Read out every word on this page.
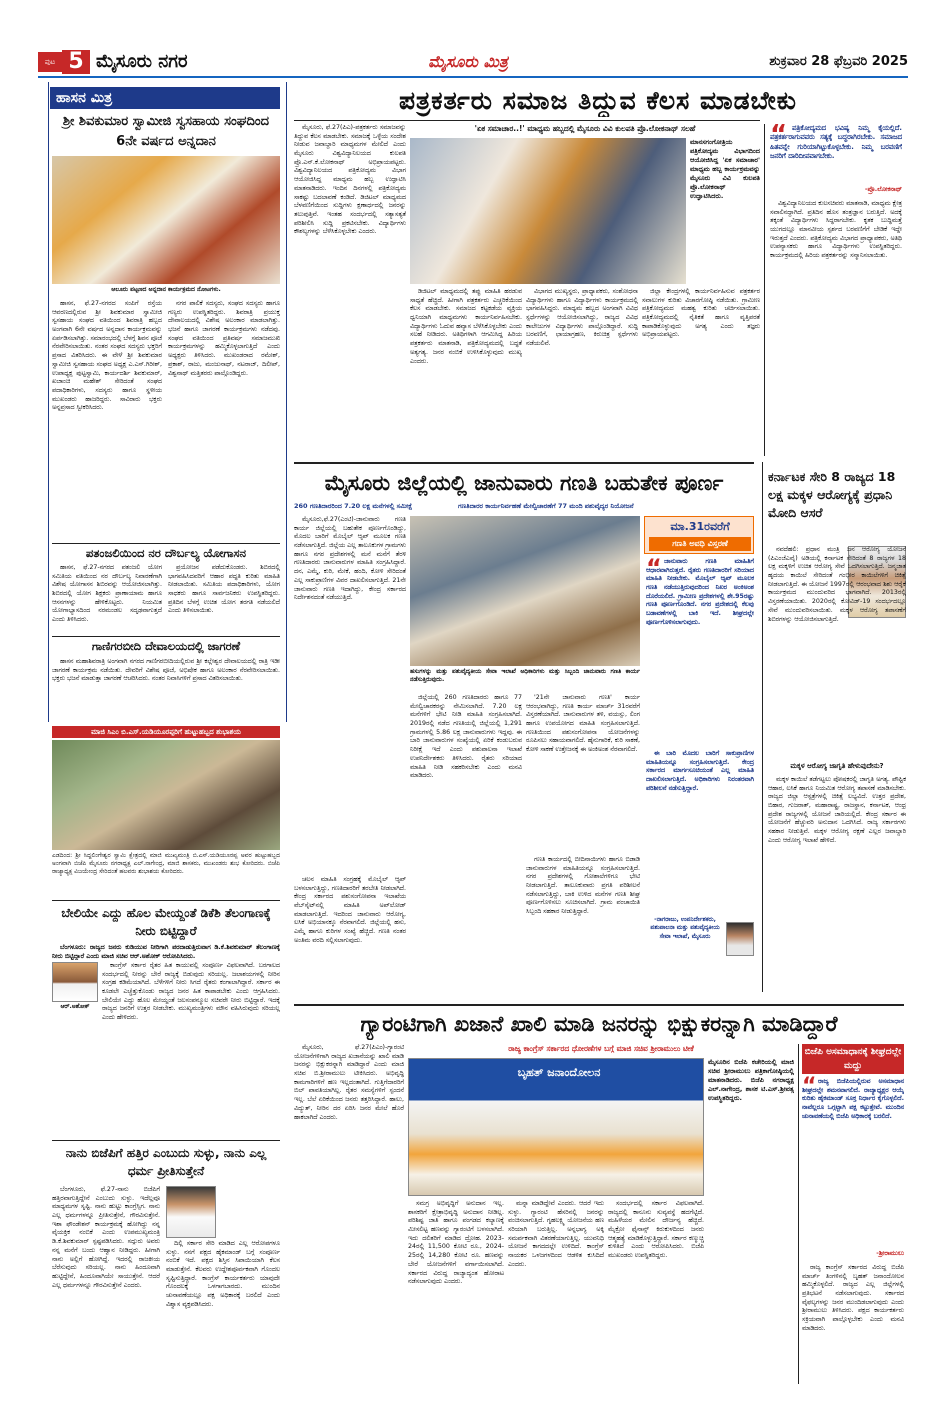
ಪುಟ 5 ಮೈಸೂರು ನಗರ	ಮೈಸೂರು ಮಿತ್ರ	ಶುಕ್ರವಾರ 28 ಫೆಬ್ರವರಿ 2025
ಹಾಸನ ಮಿತ್ರ
ಶ್ರೀ ಶಿವಕುಮಾರ ಸ್ವಾಮೀಜಿ ಸ್ವಸಹಾಯ ಸಂಘದಿಂದ 6ನೇ ವರ್ಷದ ಅನ್ನದಾನ
ಆಲೂರು ಪಟ್ಟಣದ ಅನ್ನದಾನ ಕಾರ್ಯಕ್ರಮದ ನೋಟಗಳು.
ಹಾಸನ, ಫೆ.27-ನಗರದ ಸಂಪಿಗೆ ರಸ್ತೆಯ ಆವರಣದಲ್ಲಿರುವ ಶ್ರೀ ಶಿವಕುಮಾರ ಸ್ವಾಮೀಜಿ ಸ್ವಸಹಾಯ ಸಂಘದ ವತಿಯಿಂದ ಶಿವರಾತ್ರಿ ಹಬ್ಬದ ಅಂಗವಾಗಿ 6ನೇ ವರ್ಷದ ಅನ್ನದಾನ ಕಾರ್ಯಕ್ರಮವನ್ನು ಏರ್ಪಡಿಸಲಾಗಿತ್ತು. ಸಮಾರಂಭದಲ್ಲಿ ಬೆಳಗ್ಗೆ ಶಿವನ ಪೂಜೆ ನೆರವೇರಿಸಲಾಯಿತು. ನಂತರ ಸಂಘದ ಸದಸ್ಯರು ಭಕ್ತರಿಗೆ ಪ್ರಸಾದ ವಿತರಿಸಿದರು. ಈ ವೇಳೆ ಶ್ರೀ ಶಿವಕುಮಾರ ಸ್ವಾಮೀಜಿ ಸ್ವಸಹಾಯ ಸಂಘದ ಅಧ್ಯಕ್ಷ ಎ.ಎಸ್.ಗಿರೀಶ್, ಉಪಾಧ್ಯಕ್ಷ ಪುಟ್ಟಸ್ವಾಮಿ, ಕಾರ್ಯದರ್ಶಿ ಶಿವಕುಮಾರ್, ಖಜಾಂಚಿ ಮಹೇಶ್ ಸೇರಿದಂತೆ ಸಂಘದ ಪದಾಧಿಕಾರಿಗಳು, ಸದಸ್ಯರು ಹಾಗೂ ಸ್ಥಳೀಯ ಮುಖಂಡರು ಹಾಜರಿದ್ದರು. ಸಾವಿರಾರು ಭಕ್ತರು ಅನ್ನಪ್ರಸಾದ ಸ್ವೀಕರಿಸಿದರು.
ನಗರ ಪಾಲಿಕೆ ಸದಸ್ಯರು, ಸಂಘದ ಸದಸ್ಯರು ಹಾಗೂ ಗಣ್ಯರು ಉಪಸ್ಥಿತರಿದ್ದರು. ಶಿವರಾತ್ರಿ ಪ್ರಯುಕ್ತ ದೇವಾಲಯದಲ್ಲಿ ವಿಶೇಷ ಅಲಂಕಾರ ಮಾಡಲಾಗಿತ್ತು. ಭಜನೆ ಹಾಗೂ ಜಾಗರಣೆ ಕಾರ್ಯಕ್ರಮಗಳು ನಡೆದವು. ಸಂಘದ ವತಿಯಿಂದ ಪ್ರತಿವರ್ಷ ಸಮಾಜಮುಖಿ ಕಾರ್ಯಕ್ರಮಗಳನ್ನು ಹಮ್ಮಿಕೊಳ್ಳಲಾಗುತ್ತಿದೆ ಎಂದು ಅಧ್ಯಕ್ಷರು ತಿಳಿಸಿದರು. ಮುಖಂಡರಾದ ರಮೇಶ್, ಪ್ರಕಾಶ್, ರಾಜು, ಮಂಜುನಾಥ್, ನಟರಾಜ್, ದಿಲೀಪ್, ವಿಶ್ವನಾಥ್ ಮತ್ತಿತರರು ಪಾಲ್ಗೊಂಡಿದ್ದರು.
ಪತಂಜಲಿಯಿಂದ ನರ ದೌರ್ಬಲ್ಯ ಯೋಗಾಸನ
ಹಾಸನ, ಫೆ.27-ನಗರದ ಪತಂಜಲಿ ಯೋಗ ಸಮಿತಿಯ ವತಿಯಿಂದ ನರ ದೌರ್ಬಲ್ಯ ನಿವಾರಣೆಗಾಗಿ ವಿಶೇಷ ಯೋಗಾಸನ ಶಿಬಿರವನ್ನು ಆಯೋಜಿಸಲಾಗಿತ್ತು. ಶಿಬಿರದಲ್ಲಿ ಯೋಗ ಶಿಕ್ಷಕರು ಪ್ರಾಣಾಯಾಮ ಹಾಗೂ ಆಸನಗಳನ್ನು ಹೇಳಿಕೊಟ್ಟರು. ನಿಯಮಿತ ಯೋಗಾಭ್ಯಾಸದಿಂದ ನರಮಂಡಲ ಸದೃಢವಾಗುತ್ತದೆ ಎಂದು ತಿಳಿಸಿದರು.
ಪ್ರಯೋಜನ ಪಡೆದುಕೊಂಡರು. ಶಿಬಿರದಲ್ಲಿ ಭಾಗವಹಿಸಿದವರಿಗೆ ಆಹಾರ ಪದ್ಧತಿ ಕುರಿತು ಮಾಹಿತಿ ನೀಡಲಾಯಿತು. ಸಮಿತಿಯ ಪದಾಧಿಕಾರಿಗಳು, ಯೋಗ ಸಾಧಕರು ಹಾಗೂ ಸಾರ್ವಜನಿಕರು ಉಪಸ್ಥಿತರಿದ್ದರು. ಪ್ರತಿದಿನ ಬೆಳಗ್ಗೆ ಉಚಿತ ಯೋಗ ತರಗತಿ ನಡೆಯಲಿದೆ ಎಂದು ತಿಳಿಸಲಾಯಿತು.
ಗಾಣಿಗರಬೀದಿ ದೇವಾಲಯದಲ್ಲಿ ಜಾಗರಣೆ
ಹಾಸನ ಮಹಾಶಿವರಾತ್ರಿ ಅಂಗವಾಗಿ ನಗರದ ಗಾಣಿಗರಬೀದಿಯಲ್ಲಿರುವ ಶ್ರೀ ಕಲ್ಲೇಶ್ವರ ದೇವಾಲಯದಲ್ಲಿ ರಾತ್ರಿ ಇಡೀ ಜಾಗರಣೆ ಕಾರ್ಯಕ್ರಮ ನಡೆಯಿತು. ದೇವರಿಗೆ ವಿಶೇಷ ಪೂಜೆ, ಅಭಿಷೇಕ ಹಾಗೂ ಅಲಂಕಾರ ನೆರವೇರಿಸಲಾಯಿತು. ಭಕ್ತರು ಭಜನೆ ಮಾಡುತ್ತಾ ಜಾಗರಣೆ ಆಚರಿಸಿದರು. ನಂತರ ನಿವಾಸಿಗಳಿಗೆ ಪ್ರಸಾದ ವಿತರಿಸಲಾಯಿತು.
ಮಾಜಿ ಸಿಎಂ ಬಿ.ಎಸ್.ಯಡಿಯೂರಪ್ಪರಿಗೆ ಹುಟ್ಟುಹಬ್ಬದ ಶುಭಾಶಯ
ಎಡದಿಂದ: ಶ್ರೀ ಸಿದ್ದಲಿಂಗೇಶ್ವರ ಸ್ವಾಮಿ ಕ್ಷೇತ್ರದಲ್ಲಿ ಮಾಜಿ ಮುಖ್ಯಮಂತ್ರಿ ಬಿ.ಎಸ್.ಯಡಿಯೂರಪ್ಪ ಅವರ ಹುಟ್ಟುಹಬ್ಬದ ಅಂಗವಾಗಿ ಬಿಜೆಪಿ ಮೈಸೂರು ನಗರಾಧ್ಯಕ್ಷ ಎಲ್.ನಾಗೇಂದ್ರ, ಮಾಜಿ ಶಾಸಕರು, ಮುಖಂಡರು ಶುಭ ಕೋರಿದರು. ಬಿಜೆಪಿ ರಾಜ್ಯಾಧ್ಯಕ್ಷ ವಿಜಯೇಂದ್ರ ಸೇರಿದಂತೆ ಹಲವರು ಶುಭಾಶಯ ಕೋರಿದರು.
ಬೇಲಿಯೇ ಎದ್ದು ಹೊಲ ಮೇಯ್ದಂತೆ ಡಿಕೆಶಿ ತೆಲಂಗಾಣಕ್ಕೆ ನೀರು ಬಿಟ್ಟಿದ್ದಾರೆ
ಬೆಂಗಳೂರು: ರಾಜ್ಯದ ಜನರು ಕುಡಿಯುವ ನೀರಿಗಾಗಿ ಪರದಾಡುತ್ತಿರುವಾಗ ಡಿ.ಕೆ.ಶಿವಕುಮಾರ್ ತೆಲಂಗಾಣಕ್ಕೆ ನೀರು ಬಿಟ್ಟಿದ್ದಾರೆ ಎಂದು ಮಾಜಿ ಸಚಿವ ಆರ್.ಅಶೋಕ್ ಆರೋಪಿಸಿದರು.
ಆರ್.ಅಶೋಕ್
ಕಾಂಗ್ರೆಸ್ ಸರ್ಕಾರ ರೈತರ ಹಿತ ಕಾಯುವಲ್ಲಿ ಸಂಪೂರ್ಣ ವಿಫಲವಾಗಿದೆ. ಬರಗಾಲದ ಸಂದರ್ಭದಲ್ಲಿ ನೀರನ್ನು ಬೇರೆ ರಾಜ್ಯಕ್ಕೆ ಬಿಡುವುದು ಸರಿಯಲ್ಲ. ಜಲಾಶಯಗಳಲ್ಲಿ ನೀರಿನ ಸಂಗ್ರಹ ಕಡಿಮೆಯಾಗಿದೆ. ಬೆಳೆಗಳಿಗೆ ನೀರು ಸಿಗದೆ ರೈತರು ಕಂಗಾಲಾಗಿದ್ದಾರೆ. ಸರ್ಕಾರ ಈ ಕೂಡಲೇ ಎಚ್ಚೆತ್ತುಕೊಂಡು ರಾಜ್ಯದ ಜನರ ಹಿತ ಕಾಪಾಡಬೇಕು ಎಂದು ಆಗ್ರಹಿಸಿದರು. ಬೇಲಿಯೇ ಎದ್ದು ಹೊಲ ಮೇಯ್ದಂತೆ ಜಲಸಂಪನ್ಮೂಲ ಸಚಿವರೇ ನೀರು ಬಿಟ್ಟಿದ್ದಾರೆ. ಇದಕ್ಕೆ ರಾಜ್ಯದ ಜನರಿಗೆ ಉತ್ತರ ನೀಡಬೇಕು. ಮುಖ್ಯಮಂತ್ರಿಗಳು ಮೌನ ವಹಿಸಿರುವುದು ಸರಿಯಲ್ಲ ಎಂದು ಹೇಳಿದರು.
ನಾನು ಬಿಜೆಪಿಗೆ ಹತ್ತಿರ ಎಂಬುದು ಸುಳ್ಳು, ನಾನು ಎಲ್ಲ ಧರ್ಮ ಪ್ರೀತಿಸುತ್ತೇನೆ
ಬೆಂಗಳೂರು, ಫೆ.27-ನಾನು ಬಿಜೆಪಿಗೆ ಹತ್ತಿರವಾಗುತ್ತಿದ್ದೇನೆ ಎಂಬುದು ಸುಳ್ಳು. ಇದೆಲ್ಲವೂ ಮಾಧ್ಯಮಗಳ ಸೃಷ್ಟಿ. ನಾನು ಹುಟ್ಟು ಕಾಂಗ್ರೆಸ್ಸಿಗ. ನಾನು ಎಲ್ಲ ಧರ್ಮಗಳನ್ನೂ ಪ್ರೀತಿಸುತ್ತೇನೆ, ಗೌರವಿಸುತ್ತೇನೆ. ಇಶಾ ಫೌಂಡೇಶನ್ ಕಾರ್ಯಕ್ರಮಕ್ಕೆ ಹೋಗಿದ್ದು ನನ್ನ ವೈಯಕ್ತಿಕ ನಂಬಿಕೆ ಎಂದು ಉಪಮುಖ್ಯಮಂತ್ರಿ ಡಿ.ಕೆ.ಶಿವಕುಮಾರ್ ಸ್ಪಷ್ಟಪಡಿಸಿದರು. ಸದ್ಗುರು ಅವರು ನನ್ನ ಮನೆಗೆ ಬಂದು ಆಹ್ವಾನ ನೀಡಿದ್ದರು. ಹೀಗಾಗಿ ನಾನು ಅಲ್ಲಿಗೆ ಹೋಗಿದ್ದೆ. ಇದರಲ್ಲಿ ರಾಜಕೀಯ ಬೆರೆಸುವುದು ಸರಿಯಲ್ಲ. ನಾನು ಹಿಂದೂವಾಗಿ ಹುಟ್ಟಿದ್ದೇನೆ, ಹಿಂದೂವಾಗಿಯೇ ಸಾಯುತ್ತೇನೆ. ಆದರೆ ಎಲ್ಲ ಧರ್ಮಗಳನ್ನೂ ಗೌರವಿಸುತ್ತೇನೆ ಎಂದರು.
ದಿಲ್ಲಿ ಸರ್ಕಾರ ಸೇರಿ ಮಾಡಿದ ಎಲ್ಲ ಆರೋಪಗಳೂ ಸುಳ್ಳು. ನನಗೆ ಪಕ್ಷದ ಹೈಕಮಾಂಡ್ ಬಗ್ಗೆ ಸಂಪೂರ್ಣ ನಂಬಿಕೆ ಇದೆ. ಪಕ್ಷದ ಶಿಸ್ತಿನ ಸಿಪಾಯಿಯಾಗಿ ಕೆಲಸ ಮಾಡುತ್ತೇನೆ. ಕೆಲವರು ಉದ್ದೇಶಪೂರ್ವಕವಾಗಿ ಗೊಂದಲ ಸೃಷ್ಟಿಸುತ್ತಿದ್ದಾರೆ. ಕಾಂಗ್ರೆಸ್ ಕಾರ್ಯಕರ್ತರು ಯಾವುದೇ ಗೊಂದಲಕ್ಕೆ ಒಳಗಾಗಬಾರದು. ಮುಂದಿನ ಚುನಾವಣೆಯಲ್ಲೂ ಪಕ್ಷ ಅಧಿಕಾರಕ್ಕೆ ಬರಲಿದೆ ಎಂದು ವಿಶ್ವಾಸ ವ್ಯಕ್ತಪಡಿಸಿದರು.
ಪತ್ರಕರ್ತರು ಸಮಾಜ ತಿದ್ದುವ ಕೆಲಸ ಮಾಡಬೇಕು
ಮೈಸೂರು, ಫೆ.27(ಪಿಎ)-ಪತ್ರಕರ್ತರು ಸಮಾಜವನ್ನು ತಿದ್ದುವ ಕೆಲಸ ಮಾಡಬೇಕು. ಸಮಾಜಕ್ಕೆ ಒಳ್ಳೆಯ ಸಂದೇಶ ನೀಡುವ ಜವಾಬ್ದಾರಿ ಮಾಧ್ಯಮಗಳ ಮೇಲಿದೆ ಎಂದು ಮೈಸೂರು ವಿಶ್ವವಿದ್ಯಾನಿಲಯದ ಕುಲಪತಿ ಪ್ರೊ.ಎನ್.ಕೆ.ಲೋಕನಾಥ್ ಅಭಿಪ್ರಾಯಪಟ್ಟರು. ವಿಶ್ವವಿದ್ಯಾನಿಲಯದ ಪತ್ರಿಕೋದ್ಯಮ ವಿಭಾಗ ಆಯೋಜಿಸಿದ್ದ ಮಾಧ್ಯಮ ಹಬ್ಬ ಉದ್ಘಾಟಿಸಿ ಮಾತನಾಡಿದರು. ಇಂದಿನ ದಿನಗಳಲ್ಲಿ ಪತ್ರಿಕೋದ್ಯಮ ಸಾಕಷ್ಟು ಬದಲಾವಣೆ ಕಂಡಿದೆ. ಡಿಜಿಟಲ್ ಮಾಧ್ಯಮದ ಬೆಳವಣಿಗೆಯಿಂದ ಸುದ್ದಿಗಳು ಕ್ಷಣಾರ್ಧದಲ್ಲಿ ಜನರನ್ನು ತಲುಪುತ್ತಿವೆ. ಇಂತಹ ಸಂದರ್ಭದಲ್ಲಿ ಸತ್ಯಾಸತ್ಯತೆ ಪರಿಶೀಲಿಸಿ ಸುದ್ದಿ ಪ್ರಕಟಿಸಬೇಕು. ವಿದ್ಯಾರ್ಥಿಗಳು ಕೌಶಲ್ಯಗಳನ್ನು ಬೆಳೆಸಿಕೊಳ್ಳಬೇಕು ಎಂದರು.
'ಏಕ ಸಮಾಚಾರ..!' ಮಾಧ್ಯಮ ಹಬ್ಬದಲ್ಲಿ ಮೈಸೂರು ವಿವಿ ಕುಲಪತಿ ಪ್ರೊ.ಲೋಕನಾಥ್ ಸಲಹೆ
ಮಾನಸಗಂಗೋತ್ರಿಯ ಪತ್ರಿಕೋದ್ಯಮ ವಿಭಾಗದಿಂದ ಆಯೋಜಿಸಿದ್ದ 'ಏಕ ಸಮಾಚಾರ' ಮಾಧ್ಯಮ ಹಬ್ಬ ಕಾರ್ಯಕ್ರಮವನ್ನು ಮೈಸೂರು ವಿವಿ ಕುಲಪತಿ ಪ್ರೊ.ಲೋಕನಾಥ್ ಉದ್ಘಾಟಿಸಿದರು.
ಡಿಜಿಟಲ್ ಮಾಧ್ಯಮದಲ್ಲಿ ತಪ್ಪು ಮಾಹಿತಿ ಹರಡುವ ಸಾಧ್ಯತೆ ಹೆಚ್ಚಿದೆ. ಹೀಗಾಗಿ ಪತ್ರಕರ್ತರು ಎಚ್ಚರಿಕೆಯಿಂದ ಕೆಲಸ ಮಾಡಬೇಕು. ಸಮಾಜದ ಕಟ್ಟಕಡೆಯ ವ್ಯಕ್ತಿಯ ಧ್ವನಿಯಾಗಿ ಮಾಧ್ಯಮಗಳು ಕಾರ್ಯನಿರ್ವಹಿಸಬೇಕು. ವಿದ್ಯಾರ್ಥಿಗಳು ಓದುವ ಹವ್ಯಾಸ ಬೆಳೆಸಿಕೊಳ್ಳಬೇಕು ಎಂದು ಸಲಹೆ ನೀಡಿದರು. ಅತಿಥಿಗಳಾಗಿ ಆಗಮಿಸಿದ್ದ ಹಿರಿಯ ಪತ್ರಕರ್ತರು ಮಾತನಾಡಿ, ಪತ್ರಿಕೋದ್ಯಮದಲ್ಲಿ ಬದ್ಧತೆ ಅತ್ಯಗತ್ಯ. ಜನರ ನಂಬಿಕೆ ಉಳಿಸಿಕೊಳ್ಳುವುದು ಮುಖ್ಯ ಎಂದರು.
ವಿಭಾಗದ ಮುಖ್ಯಸ್ಥರು, ಪ್ರಾಧ್ಯಾಪಕರು, ಸಂಶೋಧನಾ ವಿದ್ಯಾರ್ಥಿಗಳು ಹಾಗೂ ವಿದ್ಯಾರ್ಥಿಗಳು ಕಾರ್ಯಕ್ರಮದಲ್ಲಿ ಭಾಗವಹಿಸಿದ್ದರು. ಮಾಧ್ಯಮ ಹಬ್ಬದ ಅಂಗವಾಗಿ ವಿವಿಧ ಸ್ಪರ್ಧೆಗಳನ್ನು ಆಯೋಜಿಸಲಾಗಿದ್ದು, ರಾಜ್ಯದ ವಿವಿಧ ಕಾಲೇಜುಗಳ ವಿದ್ಯಾರ್ಥಿಗಳು ಪಾಲ್ಗೊಂಡಿದ್ದಾರೆ. ಸುದ್ದಿ ಬರವಣಿಗೆ, ಛಾಯಾಗ್ರಹಣ, ಕಿರುಚಿತ್ರ ಸ್ಪರ್ಧೆಗಳು ನಡೆಯಲಿವೆ.
ಜಿಲ್ಲಾ ಕೇಂದ್ರಗಳಲ್ಲಿ ಕಾರ್ಯನಿರ್ವಹಿಸುವ ಪತ್ರಕರ್ತರ ಸವಾಲುಗಳ ಕುರಿತು ವಿಚಾರಗೋಷ್ಠಿ ನಡೆಯಿತು. ಗ್ರಾಮೀಣ ಪತ್ರಿಕೋದ್ಯಮದ ಮಹತ್ವ ಕುರಿತು ಚರ್ಚಿಸಲಾಯಿತು. ಪತ್ರಿಕೋದ್ಯಮದಲ್ಲಿ ನೈತಿಕತೆ ಹಾಗೂ ವೃತ್ತಿಪರತೆ ಕಾಪಾಡಿಕೊಳ್ಳುವುದು ಅಗತ್ಯ ಎಂದು ತಜ್ಞರು ಅಭಿಪ್ರಾಯಪಟ್ಟರು.
“ ಪತ್ರಿಕೋದ್ಯಮದ ಭವಿಷ್ಯ ನಿಮ್ಮ ಕೈಯಲ್ಲಿದೆ. ಪತ್ರಕರ್ತರಾಗುವವರು ಸತ್ಯಕ್ಕೆ ಬದ್ಧರಾಗಿರಬೇಕು. ಸಮಾಜದ ಹಿತವನ್ನೇ ಗುರಿಯಾಗಿಟ್ಟುಕೊಳ್ಳಬೇಕು. ನಿಮ್ಮ ಬರವಣಿಗೆ ಜನರಿಗೆ ದಾರಿದೀಪವಾಗಬೇಕು.
-ಪ್ರೊ.ಲೋಕನಾಥ್
ವಿಶ್ವವಿದ್ಯಾನಿಲಯದ ಕುಲಸಚಿವರು ಮಾತನಾಡಿ, ಮಾಧ್ಯಮ ಕ್ಷೇತ್ರ ಸವಾಲಿನದ್ದಾಗಿದೆ. ಪ್ರತಿದಿನ ಹೊಸ ತಂತ್ರಜ್ಞಾನ ಬರುತ್ತಿದೆ. ಅದಕ್ಕೆ ತಕ್ಕಂತೆ ವಿದ್ಯಾರ್ಥಿಗಳು ಸಿದ್ಧರಾಗಬೇಕು. ಕೃತಕ ಬುದ್ಧಿಮತ್ತೆ ಯುಗದಲ್ಲೂ ಮಾನವೀಯ ಸ್ಪರ್ಶದ ಬರವಣಿಗೆಗೆ ಬೇಡಿಕೆ ಇದ್ದೇ ಇರುತ್ತದೆ ಎಂದರು. ಪತ್ರಿಕೋದ್ಯಮ ವಿಭಾಗದ ಪ್ರಾಧ್ಯಾಪಕರು, ಅತಿಥಿ ಉಪನ್ಯಾಸಕರು ಹಾಗೂ ವಿದ್ಯಾರ್ಥಿಗಳು ಉಪಸ್ಥಿತರಿದ್ದರು. ಕಾರ್ಯಕ್ರಮದಲ್ಲಿ ಹಿರಿಯ ಪತ್ರಕರ್ತರನ್ನು ಸನ್ಮಾನಿಸಲಾಯಿತು.
ಮೈಸೂರು ಜಿಲ್ಲೆಯಲ್ಲಿ ಜಾನುವಾರು ಗಣತಿ ಬಹುತೇಕ ಪೂರ್ಣ
260 ಗಣತಿದಾರರಿಂದ 7.20 ಲಕ್ಷ ಮನೆಗಳಲ್ಲಿ ಸಮೀಕ್ಷೆ	ಗಣತಿದಾರರ ಕಾರ್ಯನಿರ್ವಹಣೆ ಮೇಲ್ವಿಚಾರಣೆಗೆ 77 ಮಂದಿ ಪಶುವೈದ್ಯರ ನಿಯೋಜನೆ
ಮೈಸೂರು,ಫೆ.27(ಎಂಟಿ)-ಜಾನುವಾರು ಗಣತಿ ಕಾರ್ಯ ಜಿಲ್ಲೆಯಲ್ಲಿ ಬಹುತೇಕ ಪೂರ್ಣಗೊಂಡಿದ್ದು, ಮೊದಲ ಬಾರಿಗೆ ಮೊಬೈಲ್ ಆ್ಯಪ್ ಮೂಲಕ ಗಣತಿ ನಡೆಸಲಾಗುತ್ತಿದೆ. ಜಿಲ್ಲೆಯ ಎಲ್ಲ ತಾಲೂಕುಗಳ ಗ್ರಾಮಗಳು ಹಾಗೂ ನಗರ ಪ್ರದೇಶಗಳಲ್ಲಿ ಮನೆ ಮನೆಗೆ ತೆರಳಿ ಗಣತಿದಾರರು ಜಾನುವಾರುಗಳ ಮಾಹಿತಿ ಸಂಗ್ರಹಿಸಿದ್ದಾರೆ. ದನ, ಎಮ್ಮೆ, ಕುರಿ, ಮೇಕೆ, ಹಂದಿ, ಕೋಳಿ ಸೇರಿದಂತೆ ಎಲ್ಲ ಸಾಕುಪ್ರಾಣಿಗಳ ವಿವರ ದಾಖಲಿಸಲಾಗುತ್ತಿದೆ. 21ನೇ ಜಾನುವಾರು ಗಣತಿ ಇದಾಗಿದ್ದು, ಕೇಂದ್ರ ಸರ್ಕಾರದ ನಿರ್ದೇಶನದಂತೆ ನಡೆಯುತ್ತಿದೆ.
ಹಸುಗಳನ್ನು ಮತ್ತು ಪಶುವೈದ್ಯಕೀಯ ಸೇವಾ ಇಲಾಖೆ ಅಧಿಕಾರಿಗಳು ಮತ್ತು ಸಿಬ್ಬಂದಿ ಜಾನುವಾರು ಗಣತಿ ಕಾರ್ಯ ನಡೆಸುತ್ತಿರುವುದು.
ಮಾ.31ರವರೆಗೆ
ಗಣತಿ ಅವಧಿ ವಿಸ್ತರಣೆ
“ ಜಾನುವಾರು ಗಣತಿ ಮಾಹಿತಿಗೆ ಆಧಾರವಾಗಿರುತ್ತದೆ. ರೈತರು ಗಣತಿದಾರರಿಗೆ ಸರಿಯಾದ ಮಾಹಿತಿ ನೀಡಬೇಕು. ಮೊಬೈಲ್ ಆ್ಯಪ್ ಮೂಲಕ ಗಣತಿ ನಡೆಯುತ್ತಿರುವುದರಿಂದ ನಿಖರ ಅಂಕಿಅಂಶ ದೊರೆಯಲಿದೆ. ಗ್ರಾಮೀಣ ಪ್ರದೇಶಗಳಲ್ಲಿ ಶೇ.95ರಷ್ಟು ಗಣತಿ ಪೂರ್ಣಗೊಂಡಿದೆ. ನಗರ ಪ್ರದೇಶದಲ್ಲಿ ಕೆಲವು ಬಡಾವಣೆಗಳಲ್ಲಿ ಬಾಕಿ ಇದೆ. ಶೀಘ್ರದಲ್ಲೇ ಪೂರ್ಣಗೊಳಿಸಲಾಗುವುದು.
ಜಿಲ್ಲೆಯಲ್ಲಿ 260 ಗಣತಿದಾರರು ಹಾಗೂ 77 ಮೇಲ್ವಿಚಾರಕರನ್ನು ನೇಮಿಸಲಾಗಿದೆ. 7.20 ಲಕ್ಷ ಮನೆಗಳಿಗೆ ಭೇಟಿ ನೀಡಿ ಮಾಹಿತಿ ಸಂಗ್ರಹಿಸಲಾಗಿದೆ. 2019ರಲ್ಲಿ ನಡೆದ ಗಣತಿಯಲ್ಲಿ ಜಿಲ್ಲೆಯಲ್ಲಿ 1,291 ಗ್ರಾಮಗಳಲ್ಲಿ 5.86 ಲಕ್ಷ ಜಾನುವಾರುಗಳು ಇದ್ದವು. ಈ ಬಾರಿ ಜಾನುವಾರುಗಳ ಸಂಖ್ಯೆಯಲ್ಲಿ ಏರಿಕೆ ಕಂಡುಬರುವ ನಿರೀಕ್ಷೆ ಇದೆ ಎಂದು ಪಶುಪಾಲನಾ ಇಲಾಖೆ ಉಪನಿರ್ದೇಶಕರು ತಿಳಿಸಿದರು. ರೈತರು ಸರಿಯಾದ ಮಾಹಿತಿ ನೀಡಿ ಸಹಕರಿಸಬೇಕು ಎಂದು ಮನವಿ ಮಾಡಿದರು.
'21ನೇ ಜಾನುವಾರು ಗಣತಿ' ಕಾರ್ಯ ಆರಂಭವಾಗಿದ್ದು, ಗಣತಿ ಕಾರ್ಯ ಮಾರ್ಚ್ 31ರವರೆಗೆ ವಿಸ್ತರಣೆಯಾಗಿದೆ. ಜಾನುವಾರುಗಳ ತಳಿ, ವಯಸ್ಸು, ಲಿಂಗ ಹಾಗೂ ಉಪಯೋಗದ ಮಾಹಿತಿ ಸಂಗ್ರಹಿಸಲಾಗುತ್ತಿದೆ. ಗಣತಿಯಿಂದ ಪಶುಸಂಗೋಪನಾ ಯೋಜನೆಗಳನ್ನು ರೂಪಿಸಲು ಸಹಾಯವಾಗಲಿದೆ. ಹೈನುಗಾರಿಕೆ, ಕುರಿ ಸಾಕಣೆ, ಕೋಳಿ ಸಾಕಣೆ ಉತ್ತೇಜನಕ್ಕೆ ಈ ಅಂಕಿಅಂಶ ನೆರವಾಗಲಿದೆ.
ಈ ಬಾರಿ ಮೊದಲ ಬಾರಿಗೆ ಸಾಕುಪ್ರಾಣಿಗಳ ಮಾಹಿತಿಯನ್ನೂ ಸಂಗ್ರಹಿಸಲಾಗುತ್ತಿದೆ. ಕೇಂದ್ರ ಸರ್ಕಾರದ ಮಾರ್ಗಸೂಚಿಯಂತೆ ಎಲ್ಲ ಮಾಹಿತಿ ದಾಖಲಿಸಲಾಗುತ್ತಿದೆ. ಅಧಿಕಾರಿಗಳು ನಿರಂತರವಾಗಿ ಪರಿಶೀಲನೆ ನಡೆಸುತ್ತಿದ್ದಾರೆ.
-ನಾಗರಾಜು, ಉಪನಿರ್ದೇಶಕರು, ಪಶುಪಾಲನಾ ಮತ್ತು ಪಶುವೈದ್ಯಕೀಯ ಸೇವಾ ಇಲಾಖೆ, ಮೈಸೂರು
ಗಣತಿ ಕಾರ್ಯದಲ್ಲಿ ಬೀದಿನಾಯಿಗಳು ಹಾಗೂ ಬಿಡಾಡಿ ಜಾನುವಾರುಗಳ ಮಾಹಿತಿಯನ್ನೂ ಸಂಗ್ರಹಿಸಲಾಗುತ್ತಿದೆ. ನಗರ ಪ್ರದೇಶಗಳಲ್ಲಿ ಗೋಶಾಲೆಗಳಿಗೂ ಭೇಟಿ ನೀಡಲಾಗುತ್ತಿದೆ. ತಾಲೂಕುವಾರು ಪ್ರಗತಿ ಪರಿಶೀಲನೆ ನಡೆಸಲಾಗುತ್ತಿದ್ದು, ಬಾಕಿ ಉಳಿದ ಮನೆಗಳ ಗಣತಿ ಶೀಘ್ರ ಪೂರ್ಣಗೊಳಿಸಲು ಸೂಚಿಸಲಾಗಿದೆ. ಗ್ರಾಮ ಪಂಚಾಯಿತಿ ಸಿಬ್ಬಂದಿ ಸಹಕಾರ ನೀಡುತ್ತಿದ್ದಾರೆ.
ಚಲನ ಮಾಹಿತಿ ಸಂಗ್ರಹಕ್ಕೆ ಮೊಬೈಲ್ ಆ್ಯಪ್ ಬಳಸಲಾಗುತ್ತಿದ್ದು, ಗಣತಿದಾರರಿಗೆ ತರಬೇತಿ ನೀಡಲಾಗಿದೆ. ಕೇಂದ್ರ ಸರ್ಕಾರದ ಪಶುಸಂಗೋಪನಾ ಇಲಾಖೆಯ ವೆಬ್‌ಸೈಟ್‌ನಲ್ಲಿ ಮಾಹಿತಿ ಅಪ್‌ಲೋಡ್ ಮಾಡಲಾಗುತ್ತಿದೆ. ಇದರಿಂದ ಜಾನುವಾರು ಆರೋಗ್ಯ, ಲಸಿಕೆ ಅಭಿಯಾನಕ್ಕೂ ನೆರವಾಗಲಿದೆ. ಜಿಲ್ಲೆಯಲ್ಲಿ ಹಸು, ಎಮ್ಮೆ ಹಾಗೂ ಕುರಿಗಳ ಸಂಖ್ಯೆ ಹೆಚ್ಚಿದೆ. ಗಣತಿ ನಂತರ ಅಂತಿಮ ವರದಿ ಸಲ್ಲಿಸಲಾಗುವುದು.
ಕರ್ನಾಟಕ ಸೇರಿ 8 ರಾಜ್ಯದ 18 ಲಕ್ಷ ಮಕ್ಕಳ ಆರೋಗ್ಯಕ್ಕೆ ಪ್ರಧಾನಿ ಮೋದಿ ಆಸರೆ
ನವದೆಹಲಿ: ಪ್ರಧಾನ ಮಂತ್ರಿ ಜನ ಆರೋಗ್ಯ ಯೋಜನೆ (ಪಿಎಂಜೆಎವೈ) ಅಡಿಯಲ್ಲಿ ಕರ್ನಾಟಕ ಸೇರಿದಂತೆ 8 ರಾಜ್ಯಗಳ 18 ಲಕ್ಷ ಮಕ್ಕಳಿಗೆ ಉಚಿತ ಆರೋಗ್ಯ ಸೇವೆ ಒದಗಿಸಲಾಗುತ್ತಿದೆ. ಜನ್ಮಜಾತ ಹೃದಯ ಕಾಯಿಲೆ ಸೇರಿದಂತೆ ಗಂಭೀರ ಕಾಯಿಲೆಗಳಿಗೆ ಚಿಕಿತ್ಸೆ ನೀಡಲಾಗುತ್ತಿದೆ. ಈ ಯೋಜನೆ 1997ರಲ್ಲಿ ಆರಂಭವಾದ ಶಿಶು ಆರೈಕೆ ಕಾರ್ಯಕ್ರಮದ ಮುಂದುವರಿದ ಭಾಗವಾಗಿದೆ. 2013ರಲ್ಲಿ ವಿಸ್ತರಣೆಯಾಯಿತು. 2020ರಲ್ಲಿ ಕೋವಿಡ್-19 ಸಂದರ್ಭದಲ್ಲೂ ಸೇವೆ ಮುಂದುವರಿಸಲಾಯಿತು. ಮಕ್ಕಳ ಆರೋಗ್ಯ ತಪಾಸಣೆಗೆ ಶಿಬಿರಗಳನ್ನು ಆಯೋಜಿಸಲಾಗುತ್ತಿದೆ.
ಮಕ್ಕಳ ಆರೋಗ್ಯ ಜಾಗೃತಿ ಹೇಳುವುದೇನು?
ಮಕ್ಕಳ ಕಾಯಿಲೆ ತಡೆಗಟ್ಟಲು ಪೋಷಕರಲ್ಲಿ ಜಾಗೃತಿ ಅಗತ್ಯ. ಪೌಷ್ಟಿಕ ಆಹಾರ, ಲಸಿಕೆ ಹಾಗೂ ನಿಯಮಿತ ಆರೋಗ್ಯ ತಪಾಸಣೆ ಮಾಡಿಸಬೇಕು. ರಾಜ್ಯದ ಜಿಲ್ಲಾ ಆಸ್ಪತ್ರೆಗಳಲ್ಲಿ ಚಿಕಿತ್ಸೆ ಲಭ್ಯವಿದೆ. ಉತ್ತರ ಪ್ರದೇಶ, ಬಿಹಾರ, ಗುಜರಾತ್, ಮಹಾರಾಷ್ಟ್ರ, ರಾಜಸ್ಥಾನ, ಕರ್ನಾಟಕ, ಆಂಧ್ರ ಪ್ರದೇಶ ರಾಜ್ಯಗಳಲ್ಲಿ ಯೋಜನೆ ಜಾರಿಯಲ್ಲಿದೆ. ಕೇಂದ್ರ ಸರ್ಕಾರ ಈ ಯೋಜನೆಗೆ ಹೆಚ್ಚುವರಿ ಅನುದಾನ ಒದಗಿಸಿದೆ. ರಾಜ್ಯ ಸರ್ಕಾರಗಳು ಸಹಕಾರ ನೀಡುತ್ತಿವೆ. ಮಕ್ಕಳ ಆರೋಗ್ಯ ರಕ್ಷಣೆ ಎಲ್ಲರ ಜವಾಬ್ದಾರಿ ಎಂದು ಆರೋಗ್ಯ ಇಲಾಖೆ ಹೇಳಿದೆ.
ಗ್ಯಾರಂಟಿಗಾಗಿ ಖಜಾನೆ ಖಾಲಿ ಮಾಡಿ ಜನರನ್ನು ಭಿಕ್ಷುಕರನ್ನಾಗಿ ಮಾಡಿದ್ದಾರೆ
ಮೈಸೂರು, ಫೆ.27(ಪಿಎಂ)-ಗ್ಯಾರಂಟಿ ಯೋಜನೆಗಳಿಗಾಗಿ ರಾಜ್ಯದ ಖಜಾನೆಯನ್ನು ಖಾಲಿ ಮಾಡಿ ಜನರನ್ನು ಭಿಕ್ಷುಕರನ್ನಾಗಿ ಮಾಡಿದ್ದಾರೆ ಎಂದು ಮಾಜಿ ಸಚಿವ ಬಿ.ಶ್ರೀರಾಮುಲು ಟೀಕಿಸಿದರು. ಅಭಿವೃದ್ಧಿ ಕಾಮಗಾರಿಗಳಿಗೆ ಹಣ ಇಲ್ಲದಂತಾಗಿದೆ. ಗುತ್ತಿಗೆದಾರರಿಗೆ ಬಿಲ್ ಪಾವತಿಯಾಗಿಲ್ಲ. ರೈತರ ಸಮಸ್ಯೆಗಳಿಗೆ ಸ್ಪಂದನೆ ಇಲ್ಲ. ಬೆಲೆ ಏರಿಕೆಯಿಂದ ಜನರು ತತ್ತರಿಸಿದ್ದಾರೆ. ಹಾಲು, ವಿದ್ಯುತ್, ನೀರಿನ ದರ ಏರಿಸಿ ಜನರ ಮೇಲೆ ಹೊರೆ ಹಾಕಲಾಗಿದೆ ಎಂದರು.
ರಾಜ್ಯ ಕಾಂಗ್ರೆಸ್ ಸರ್ಕಾರದ ಧೋರಣೆಗಳ ಬಗ್ಗೆ ಮಾಜಿ ಸಚಿವ ಶ್ರೀರಾಮುಲು ಟೀಕೆ
ಬೃಹತ್ ಜನಾಂದೋಲನ
ಮೈಸೂರಿನ ಬಿಜೆಪಿ ಕಚೇರಿಯಲ್ಲಿ ಮಾಜಿ ಸಚಿವ ಶ್ರೀರಾಮುಲು ಪತ್ರಿಕಾಗೋಷ್ಠಿಯಲ್ಲಿ ಮಾತನಾಡಿದರು. ಬಿಜೆಪಿ ನಗರಾಧ್ಯಕ್ಷ ಎಲ್.ನಾಗೇಂದ್ರ, ಶಾಸಕ ಟಿ.ಎಸ್.ಶ್ರೀವತ್ಸ ಉಪಸ್ಥಿತರಿದ್ದರು.
ಸಮಗ್ರ ಅಭಿವೃದ್ಧಿಗೆ ಅನುದಾನ ಇಲ್ಲ. ಶಾಸಕರಿಗೆ ಕ್ಷೇತ್ರಾಭಿವೃದ್ಧಿ ಅನುದಾನ ನೀಡಿಲ್ಲ. ಪರಿಶಿಷ್ಟ ಜಾತಿ ಹಾಗೂ ಪಂಗಡದ ಕಲ್ಯಾಣಕ್ಕೆ ಮೀಸಲಿಟ್ಟ ಹಣವನ್ನು ಗ್ಯಾರಂಟಿಗೆ ಬಳಸಲಾಗಿದೆ. ಇದು ದಲಿತರಿಗೆ ಮಾಡಿದ ದ್ರೋಹ. 2023-24ರಲ್ಲಿ 11,500 ಕೋಟಿ ರೂ., 2024-25ರಲ್ಲಿ 14,280 ಕೋಟಿ ರೂ. ಹಣವನ್ನು ಬೇರೆ ಯೋಜನೆಗಳಿಗೆ ವರ್ಗಾಯಿಸಲಾಗಿದೆ. ಸರ್ಕಾರದ ವಿರುದ್ಧ ರಾಜ್ಯಾದ್ಯಂತ ಹೋರಾಟ ನಡೆಸಲಾಗುವುದು ಎಂದರು.
ಮನ್ನಾ ಮಾಡಿದ್ದೇವೆ ಎಂದರು. ಆದರೆ ಇದು ಸುಳ್ಳು. ಗ್ಯಾರಂಟಿ ಹೆಸರಿನಲ್ಲಿ ಜನರನ್ನು ವಂಚಿಸಲಾಗುತ್ತಿದೆ. ಗೃಹಲಕ್ಷ್ಮಿ ಯೋಜನೆಯ ಹಣ ಸರಿಯಾಗಿ ಬರುತ್ತಿಲ್ಲ. ಅನ್ನಭಾಗ್ಯ ಅಕ್ಕಿ ಸಮರ್ಪಕವಾಗಿ ವಿತರಣೆಯಾಗುತ್ತಿಲ್ಲ. ಯುವನಿಧಿ ಯೋಜನೆ ಕಾಗದದಲ್ಲೇ ಉಳಿದಿದೆ. ಕಾಂಗ್ರೆಸ್ ನಾಯಕರ ಒಳಜಗಳದಿಂದ ಆಡಳಿತ ಕುಸಿದಿದೆ ಎಂದರು.
ಸಂದರ್ಭದಲ್ಲಿ ಸರ್ಕಾರ ವಿಫಲವಾಗಿದೆ. ರಾಜ್ಯದಲ್ಲಿ ಕಾನೂನು ಸುವ್ಯವಸ್ಥೆ ಹದಗೆಟ್ಟಿದೆ. ಮಹಿಳೆಯರ ಮೇಲಿನ ದೌರ್ಜನ್ಯ ಹೆಚ್ಚಿದೆ. ಮೈಕ್ರೋ ಫೈನಾನ್ಸ್ ಕಿರುಕುಳದಿಂದ ಜನರು ಆತ್ಮಹತ್ಯೆ ಮಾಡಿಕೊಳ್ಳುತ್ತಿದ್ದಾರೆ. ಸರ್ಕಾರ ಕಣ್ಮುಚ್ಚಿ ಕುಳಿತಿದೆ ಎಂದು ಆರೋಪಿಸಿದರು. ಬಿಜೆಪಿ ಮುಖಂಡರು ಉಪಸ್ಥಿತರಿದ್ದರು.
ಬಿಜೆಪಿ ಅಸಮಾಧಾನಕ್ಕೆ ಶೀಘ್ರದಲ್ಲೇ ಮದ್ದು
“ ರಾಜ್ಯ ಬಿಜೆಪಿಯಲ್ಲಿರುವ ಅಸಮಾಧಾನ ಶೀಘ್ರದಲ್ಲೇ ಶಮನವಾಗಲಿದೆ. ರಾಜ್ಯಾಧ್ಯಕ್ಷರ ಆಯ್ಕೆ ಕುರಿತು ಹೈಕಮಾಂಡ್ ಸೂಕ್ತ ನಿರ್ಧಾರ ಕೈಗೊಳ್ಳಲಿದೆ. ನಾವೆಲ್ಲರೂ ಒಗ್ಗಟ್ಟಾಗಿ ಪಕ್ಷ ಕಟ್ಟುತ್ತೇವೆ. ಮುಂದಿನ ಚುನಾವಣೆಯಲ್ಲಿ ಬಿಜೆಪಿ ಅಧಿಕಾರಕ್ಕೆ ಬರಲಿದೆ.
-ಶ್ರೀರಾಮುಲು
ರಾಜ್ಯ ಕಾಂಗ್ರೆಸ್ ಸರ್ಕಾರದ ವಿರುದ್ಧ ಬಿಜೆಪಿ ಮಾರ್ಚ್ ತಿಂಗಳಿನಲ್ಲಿ ಬೃಹತ್ ಜನಾಂದೋಲನ ಹಮ್ಮಿಕೊಳ್ಳಲಿದೆ. ರಾಜ್ಯದ ಎಲ್ಲ ಜಿಲ್ಲೆಗಳಲ್ಲಿ ಪ್ರತಿಭಟನೆ ನಡೆಸಲಾಗುವುದು. ಸರ್ಕಾರದ ವೈಫಲ್ಯಗಳನ್ನು ಜನರ ಮುಂದಿಡಲಾಗುವುದು ಎಂದು ಶ್ರೀರಾಮುಲು ತಿಳಿಸಿದರು. ಪಕ್ಷದ ಕಾರ್ಯಕರ್ತರು ಸಕ್ರಿಯವಾಗಿ ಪಾಲ್ಗೊಳ್ಳಬೇಕು ಎಂದು ಮನವಿ ಮಾಡಿದರು.
